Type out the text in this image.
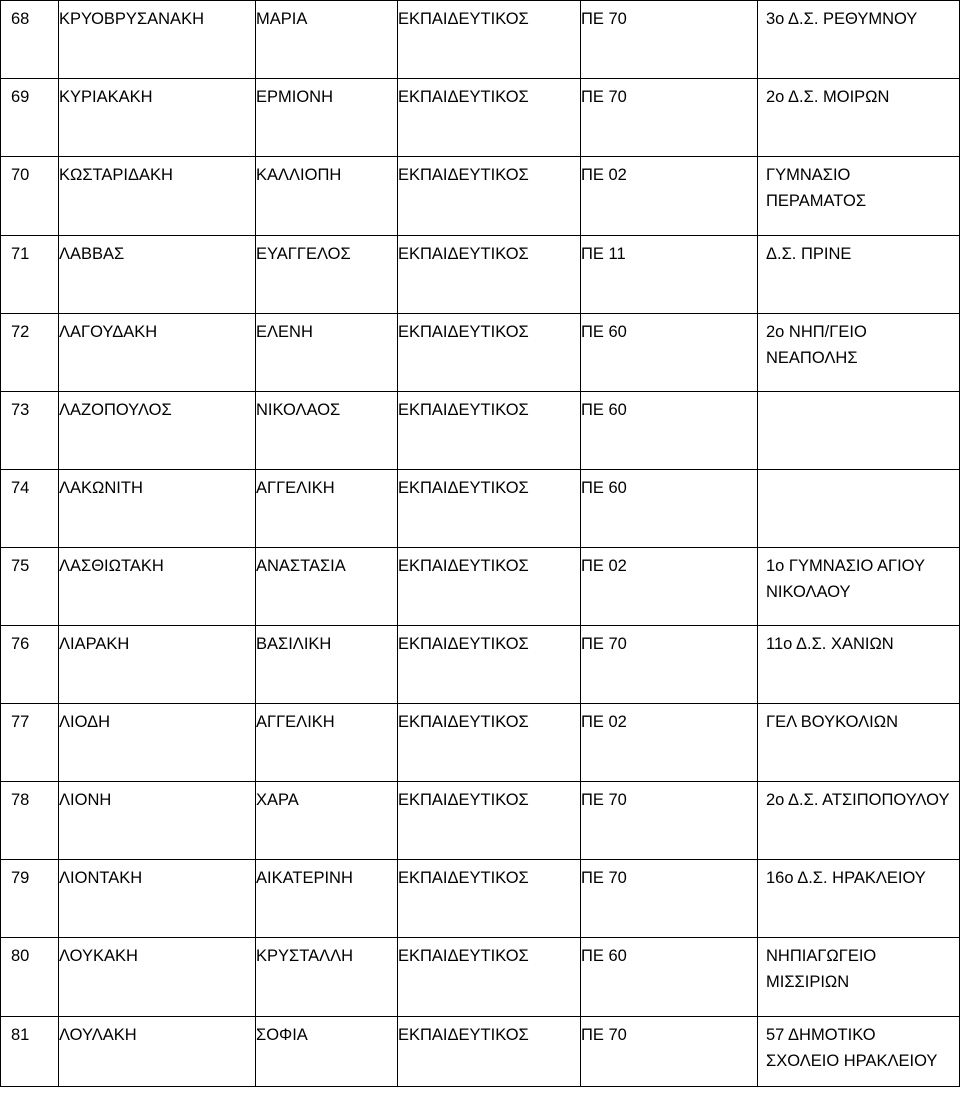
68	ΚΡΥΟΒΡΥΣΑΝΑΚΗ	ΜΑΡΙΑ	ΕΚΠΑΙΔΕΥΤΙΚΟΣ	ΠΕ 70	3ο Δ.Σ. ΡΕΘΥΜΝΟΥ

69	ΚΥΡΙΑΚΑΚΗ	ΕΡΜΙΟΝΗ	ΕΚΠΑΙΔΕΥΤΙΚΟΣ	ΠΕ 70	2ο Δ.Σ. ΜΟΙΡΩΝ

70	ΚΩΣΤΑΡΙΔΑΚΗ	ΚΑΛΛΙΟΠΗ	ΕΚΠΑΙΔΕΥΤΙΚΟΣ	ΠΕ 02	ΓΥΜΝΑΣΙΟ
ΠΕΡΑΜΑΤΟΣ

71	ΛΑΒΒΑΣ	ΕΥΑΓΓΕΛΟΣ	ΕΚΠΑΙΔΕΥΤΙΚΟΣ	ΠΕ 11	Δ.Σ. ΠΡΙΝΕ

72	ΛΑΓΟΥΔΑΚΗ	ΕΛΕΝΗ	ΕΚΠΑΙΔΕΥΤΙΚΟΣ	ΠΕ 60	2ο ΝΗΠ/ΓΕΙΟ
ΝΕΑΠΟΛΗΣ

73	ΛΑΖΟΠΟΥΛΟΣ	ΝΙΚΟΛΑΟΣ	ΕΚΠΑΙΔΕΥΤΙΚΟΣ	ΠΕ 60	
74	ΛΑΚΩΝΙΤΗ	ΑΓΓΕΛΙΚΗ	ΕΚΠΑΙΔΕΥΤΙΚΟΣ	ΠΕ 60	
75	ΛΑΣΘΙΩΤΑΚΗ	ΑΝΑΣΤΑΣΙΑ	ΕΚΠΑΙΔΕΥΤΙΚΟΣ	ΠΕ 02	1ο ΓΥΜΝΑΣΙΟ ΑΓΙΟΥ
ΝΙΚΟΛΑΟΥ

76	ΛΙΑΡΑΚΗ	ΒΑΣΙΛΙΚΗ	ΕΚΠΑΙΔΕΥΤΙΚΟΣ	ΠΕ 70	11ο Δ.Σ. ΧΑΝΙΩΝ

77	ΛΙΟΔΗ	ΑΓΓΕΛΙΚΗ	ΕΚΠΑΙΔΕΥΤΙΚΟΣ	ΠΕ 02	ΓΕΛ ΒΟΥΚΟΛΙΩΝ

78	ΛΙΟΝΗ	ΧΑΡΑ	ΕΚΠΑΙΔΕΥΤΙΚΟΣ	ΠΕ 70	2ο Δ.Σ. ΑΤΣΙΠΟΠΟΥΛΟΥ

79	ΛΙΟΝΤΑΚΗ	ΑΙΚΑΤΕΡΙΝΗ	ΕΚΠΑΙΔΕΥΤΙΚΟΣ	ΠΕ 70	16ο Δ.Σ. ΗΡΑΚΛΕΙΟΥ

80	ΛΟΥΚΑΚΗ	ΚΡΥΣΤΑΛΛΗ	ΕΚΠΑΙΔΕΥΤΙΚΟΣ	ΠΕ 60	ΝΗΠΙΑΓΩΓΕΙΟ
ΜΙΣΣΙΡΙΩΝ

81	ΛΟΥΛΑΚΗ	ΣΟΦΙΑ	ΕΚΠΑΙΔΕΥΤΙΚΟΣ	ΠΕ 70	57 ΔΗΜΟΤΙΚΟ
ΣΧΟΛΕΙΟ ΗΡΑΚΛΕΙΟΥ
